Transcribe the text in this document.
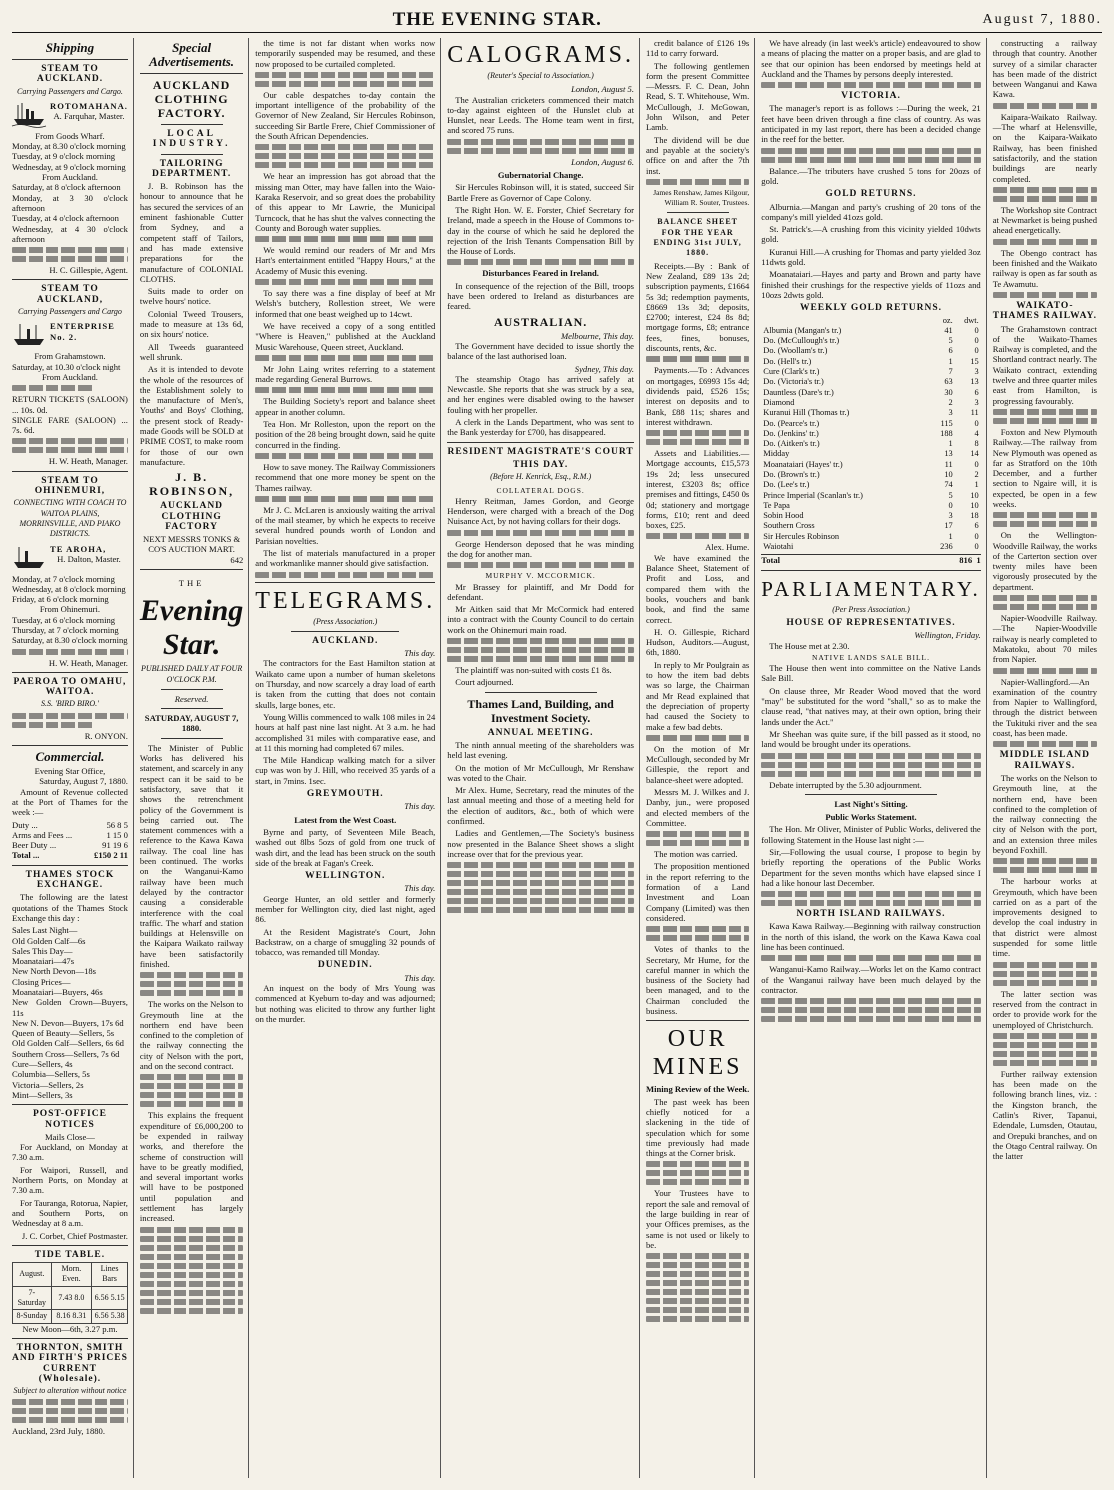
THE EVENING STAR.	August 7, 1880.
Shipping
STEAM TO AUCKLAND.
Carrying Passengers and Cargo.
ROTOMAHANA.
A. Farquhar, Master.
From Goods Wharf.
Monday, at 8.30 o'clock morning
Tuesday, at 9 o'clock morning
Wednesday, at 9 o'clock morning
From Auckland.
Saturday, at 8 o'clock afternoon
Monday, at 3 30 o'clock afternoon
Tuesday, at 4 o'clock afternoon
Wednesday, at 4 30 o'clock afternoon
H. C. Gillespie, Agent.
STEAM TO AUCKLAND,
Carrying Passengers and Cargo
ENTERPRISE No. 2.
From Grahamstown.
Saturday, at 10.30 o'clock night
From Auckland.
RETURN TICKETS (SALOON) ... 10s. 0d.
SINGLE FARE (SALOON) ... 7s. 6d.
H. W. Heath, Manager.
STEAM TO OHINEMURI,
CONNECTING WITH COACH TO WAITOA PLAINS, MORRINSVILLE, AND PIAKO DISTRICTS.
TE AROHA,
H. Dalton, Master.
Monday, at 7 o'clock morning
Wednesday, at 8 o'clock morning
Friday, at 6 o'clock morning
From Ohinemuri.
Tuesday, at 6 o'clock morning
Thursday, at 7 o'clock morning
Saturday, at 8.30 o'clock morning
H. W. Heath, Manager.
PAEROA TO OMAHU, WAITOA.
S.S. 'BIRD BIRO.'
R. ONYON.
Commercial.
Evening Star Office,
Saturday, August 7, 1880.

Amount of Revenue collected at the Port of Thames for the week :—

Duty ...	56 8 5
Arms and Fees ...	1 15 0
Beer Duty ...	91 19 6
Total ...	£150 2 11
THAMES STOCK EXCHANGE.

The following are the latest quotations of the Thames Stock Exchange this day :

Sales Last Night—
Old Golden Calf—6s
Sales This Day—
Moanataiari—47s
New North Devon—18s
Closing Prices—
Moanataiari—Buyers, 46s
New Golden Crown—Buyers, 11s
New N. Devon—Buyers, 17s 6d
Queen of Beauty—Sellers, 5s
Old Golden Calf—Sellers, 6s 6d
Southern Cross—Sellers, 7s 6d
Cure—Sellers, 4s
Columbia—Sellers, 5s
Victoria—Sellers, 2s
Mint—Sellers, 3s
POST-OFFICE NOTICES
Mails Close—

For Auckland, on Monday at 7.30 a.m.

For Waipori, Russell, and Northern Ports, on Monday at 7.30 a.m.

For Tauranga, Rotorua, Napier, and Southern Ports, on Wednesday at 8 a.m.

J. C. Corbet, Chief Postmaster.
TIDE TABLE.
August.	Morn. Even.	Lines Bars
7-Saturday	7.43 8.0	6.56 5.15
8-Sunday	8.16 8.31	6.56 5.38
New Moon—6th, 3.27 p.m.
THORNTON, SMITH AND FIRTH'S PRICES CURRENT (Wholesale).
Subject to alteration without notice
Auckland, 23rd July, 1880.
Special Advertisements.
AUCKLAND CLOTHING FACTORY.
LOCAL INDUSTRY.
TAILORING DEPARTMENT.

J. B. Robinson has the honour to announce that he has secured the services of an eminent fashionable Cutter from Sydney, and a competent staff of Tailors, and has made extensive preparations for the manufacture of COLONIAL CLOTHS.

Suits made to order on twelve hours' notice.

Colonial Tweed Trousers, made to measure at 13s 6d, on six hours' notice.

All Tweeds guaranteed well shrunk.

As it is intended to devote the whole of the resources of the Establishment solely to the manufacture of Men's, Youths' and Boys' Clothing, the present stock of Ready-made Goods will be SOLD at PRIME COST, to make room for those of our own manufacture.

J. B. ROBINSON,
AUCKLAND CLOTHING FACTORY
NEXT MESSRS TONKS & CO'S AUCTION MART.
642
THE
Evening Star.
PUBLISHED DAILY AT FOUR O'CLOCK P.M.
Reserved.
SATURDAY, AUGUST 7, 1880.

The Minister of Public Works has delivered his statement, and scarcely in any respect can it be said to be satisfactory, save that it shows the retrenchment policy of the Government is being carried out. The statement commences with a reference to the Kawa Kawa railway. The coal line has been continued. The works on the Wanganui-Kamo railway have been much delayed by the contractor causing a considerable interference with the coal traffic. The wharf and station buildings at Helensville on the Kaipara Waikato railway have been satisfactorily finished.

The works on the Nelson to Greymouth line at the northern end have been confined to the completion of the railway connecting the city of Nelson with the port, and on the second contract.

This explains the frequent expenditure of £6,000,200 to be expended in railway works, and therefore the scheme of construction will have to be greatly modified, and several important works will have to be postponed until population and settlement has largely increased.

the time is not far distant when works now temporarily suspended may be resumed, and these now proposed to be curtailed completed.

Our cable despatches to-day contain the important intelligence of the probability of the Governor of New Zealand, Sir Hercules Robinson, succeeding Sir Bartle Frere, Chief Commissioner of the South African Dependencies.

We hear an impression has got abroad that the missing man Otter, may have fallen into the Waio-Karaka Reservoir, and so great does the probability of this appear to Mr Lawrie, the Municipal Turncock, that he has shut the valves connecting the County and Borough water supplies.

We would remind our readers of Mr and Mrs Hart's entertainment entitled "Happy Hours," at the Academy of Music this evening.

To say there was a fine display of beef at Mr Welsh's butchery, Rollestion street, We were informed that one beast weighed up to 14cwt.

We have received a copy of a song entitled "Where is Heaven," published at the Auckland Music Warehouse, Queen street, Auckland.

Mr John Laing writes referring to a statement made regarding General Burrows.

The Building Society's report and balance sheet appear in another column.

Tea Hon. Mr Rolleston, upon the report on the position of the 28 being brought down, said he quite concurred in the finding.

How to save money. The Railway Commissioners recommend that one more money be spent on the Thames railway.

Mr J. C. McLaren is anxiously waiting the arrival of the mail steamer, by which he expects to receive several hundred pounds worth of London and Parisian novelties.

The list of materials manufactured in a proper and workmanlike manner should give satisfaction.

TELEGRAMS.
(Press Association.)
AUCKLAND.
This day.

The contractors for the East Hamilton station at Waikato came upon a number of human skeletons on Thursday, and now scarcely a dray load of earth is taken from the cutting that does not contain skulls, large bones, etc.

Young Willis commenced to walk 108 miles in 24 hours at half past nine last night. At 3 a.m. he had accomplished 31 miles with comparative ease, and at 11 this morning had completed 67 miles.

The Mile Handicap walking match for a silver cup was won by J. Hill, who received 35 yards of a start, in 7mins. 1sec.

GREYMOUTH.
This day.
Latest from the West Coast.

Byrne and party, of Seventeen Mile Beach, washed out 8lbs 5ozs of gold from one truck of wash dirt, and the lead has been struck on the south side of the break at Fagan's Creek.

WELLINGTON.
This day.

George Hunter, an old settler and formerly member for Wellington city, died last night, aged 86.

At the Resident Magistrate's Court, John Backstraw, on a charge of smuggling 32 pounds of tobacco, was remanded till Monday.

DUNEDIN.
This day.

An inquest on the body of Mrs Young was commenced at Kyeburn to-day and was adjourned; but nothing was elicited to throw any further light on the murder.

CALOGRAMS.
(Reuter's Special to Association.)
London, August 5.

The Australian cricketers commenced their match to-day against eighteen of the Hunslet club at Hunslet, near Leeds. The Home team went in first, and scored 75 runs.

London, August 6.
Gubernatorial Change.

Sir Hercules Robinson will, it is stated, succeed Sir Bartle Frere as Governor of Cape Colony.

The Right Hon. W. E. Forster, Chief Secretary for Ireland, made a speech in the House of Commons to-day in the course of which he said he deplored the rejection of the Irish Tenants Compensation Bill by the House of Lords.

Disturbances Feared in Ireland.

In consequence of the rejection of the Bill, troops have been ordered to Ireland as disturbances are feared.

AUSTRALIAN.
Melbourne, This day.

The Government have decided to issue shortly the balance of the last authorised loan.

Sydney, This day.

The steamship Otago has arrived safely at Newcastle. She reports that she was struck by a sea, and her engines were disabled owing to the hawser fouling with her propeller.

A clerk in the Lands Department, who was sent to the Bank yesterday for £700, has disappeared.

RESIDENT MAGISTRATE'S COURT
THIS DAY.
(Before H. Kenrick, Esq., R.M.)
COLLATERAL DOGS.

Henry Reitman, James Gordon, and George Henderson, were charged with a breach of the Dog Nuisance Act, by not having collars for their dogs.

George Henderson deposed that he was minding the dog for another man.

MURPHY V. MCCORMICK.

Mr Brassey for plaintiff, and Mr Dodd for defendant.

Mr Aitken said that Mr McCormick had entered into a contract with the County Council to do certain work on the Ohinemuri main road.

The plaintiff was non-suited with costs £1 8s.

Court adjourned.

Thames Land, Building, and Investment Society.
ANNUAL MEETING.

The ninth annual meeting of the shareholders was held last evening.

On the motion of Mr McCullough, Mr Renshaw was voted to the Chair.

Mr Alex. Hume, Secretary, read the minutes of the last annual meeting and those of a meeting held for the election of auditors, &c., both of which were confirmed.

Ladies and Gentlemen,—The Society's business now presented in the Balance Sheet shows a slight increase over that for the previous year.

credit balance of £126 19s 11d to carry forward.

The following gentlemen form the present Committee—Messrs. F. C. Dean, John Read, S. T. Whitehouse, Wm. McCullough, J. McGowan, John Wilson, and Peter Lamb.

The dividend will be due and payable at the society's office on and after the 7th inst.

James Renshaw, James Kilgour, William R. Souter, Trustees.
BALANCE SHEET FOR THE YEAR ENDING 31st JULY, 1880.

Receipts.—By : Bank of New Zealand, £89 13s 2d; subscription payments, £1664 5s 3d; redemption payments, £8669 13s 3d; deposits, £2700; interest, £24 8s 8d; mortgage forms, £8; entrance fees, fines, bonuses, discounts, rents, &c.

Payments.—To : Advances on mortgages, £6993 15s 4d; dividends paid, £526 15s; interest on deposits and to Bank, £88 11s; shares and interest withdrawn.

Assets and Liabilities.—Mortgage accounts, £15,573 19s 2d; less unsecured interest, £3203 8s; office premises and fittings, £450 0s 0d; stationery and mortgage forms, £10; rent and deed boxes, £25.

Alex. Hume.

We have examined the Balance Sheet, Statement of Profit and Loss, and compared them with the books, vouchers and bank book, and find the same correct.

H. O. Gillespie, Richard Hudson, Auditors.—August, 6th, 1880.

In reply to Mr Poulgrain as to how the item bad debts was so large, the Chairman and Mr Read explained that the depreciation of property had caused the Society to make a few bad debts.

On the motion of Mr McCullough, seconded by Mr Gillespie, the report and balance-sheet were adopted.

Messrs M. J. Wilkes and J. Danby, jun., were proposed and elected members of the Committee.

The motion was carried.

The proposition mentioned in the report referring to the formation of a Land Investment and Loan Company (Limited) was then considered.

Votes of thanks to the Secretary, Mr Hume, for the careful manner in which the business of the Society had been managed, and to the Chairman concluded the business.

OUR MINES
Mining Review of the Week.

The past week has been chiefly noticed for a slackening in the tide of speculation which for some time previously had made things at the Corner brisk.

Your Trustees have to report the sale and removal of the large building in rear of your Offices premises, as the same is not used or likely to be.

We have already (in last week's article) endeavoured to show a means of placing the matter on a proper basis, and are glad to see that our opinion has been endorsed by meetings held at Auckland and the Thames by persons deeply interested.

VICTORIA.

The manager's report is as follows :—During the week, 21 feet have been driven through a fine class of country. As was anticipated in my last report, there has been a decided change in the reef for the better.

Balance.—The tributers have crushed 5 tons for 20ozs of gold.

GOLD RETURNS.

Alburnia.—Mangan and party's crushing of 20 tons of the company's mill yielded 41ozs gold.

St. Patrick's.—A crushing from this vicinity yielded 10dwts gold.

Kuranui Hill.—A crushing for Thomas and party yielded 3oz 11dwts gold.

Moanataiari.—Hayes and party and Brown and party have finished their crushings for the respective yields of 11ozs and 10ozs 2dwts gold.

WEEKLY GOLD RETURNS.
	oz.	dwt.
Albumia (Mangan's tr.)	41	0
Do. (McCullough's tr.)	5	0
Do. (Woollam's tr.)	6	0
Do. (Hell's tr.)	1	15
Cure (Clark's tr.)	7	3
Do. (Victoria's tr.)	63	13
Dauntless (Dare's tr.)	30	6
Diamond	2	3
Kuranui Hill (Thomas tr.)	3	11
Do. (Pearce's tr.)	115	0
Do. (Jenkins' tr.)	188	4
Do. (Aitken's tr.)	1	8
Midday	13	14
Moanataiari (Hayes' tr.)	11	0
Do. (Brown's tr.)	10	2
Do. (Lee's tr.)	74	1
Prince Imperial (Scanlan's tr.)	5	10
Te Papa	0	10
Sobin Hood	3	18
Southern Cross	17	6
Sir Hercules Robinson	1	0
Waiotahi	236	0
Total	816 1
PARLIAMENTARY.
(Per Press Association.)
HOUSE OF REPRESENTATIVES.
Wellington, Friday.

The House met at 2.30.

NATIVE LANDS SALE BILL.

The House then went into committee on the Native Lands Sale Bill.

On clause three, Mr Reader Wood moved that the word "may" be substituted for the word "shall," so as to make the clause read, "that natives may, at their own option, bring their lands under the Act."

Mr Sheehan was quite sure, if the bill passed as it stood, no land would be brought under its operations.

Debate interrupted by the 5.30 adjournment.

Last Night's Sitting.
Public Works Statement.

The Hon. Mr Oliver, Minister of Public Works, delivered the following Statement in the House last night :—

Sir,—Following the usual course, I propose to begin by briefly reporting the operations of the Public Works Department for the seven months which have elapsed since I had a like honour last December.

NORTH ISLAND RAILWAYS.

Kawa Kawa Railway.—Beginning with railway construction in the north of this island, the work on the Kawa Kawa coal line has been continued.

Wanganui-Kamo Railway.—Works let on the Kamo contract of the Wanganui railway have been much delayed by the contractor.

constructing a railway through that country. Another survey of a similar character has been made of the district between Wanganui and Kawa Kawa.

Kaipara-Waikato Railway.—The wharf at Helensville, on the Kaipara-Waikato Railway, has been finished satisfactorily, and the station buildings are nearly completed.

The Workshop site Contract at Newmarket is being pushed ahead energetically.

The Obengo contract has been finished and the Waikato railway is open as far south as Te Awamutu.

WAIKATO-THAMES RAILWAY.

The Grahamstown contract of the Waikato-Thames Railway is completed, and the Shortland contract nearly. The Waikato contract, extending twelve and three quarter miles east from Hamilton, is progressing favourably.

Foxton and New Plymouth Railway.—The railway from New Plymouth was opened as far as Stratford on the 10th December, and a further section to Ngaire will, it is expected, be open in a few weeks.

On the Wellington-Woodville Railway, the works of the Carterton section over twenty miles have been vigorously prosecuted by the department.

Napier-Woodville Railway.—The Napier-Woodville railway is nearly completed to Makatoku, about 70 miles from Napier.

Napier-Wallingford.—An examination of the country from Napier to Wallingford, through the district between the Tukituki river and the sea coast, has been made.

MIDDLE ISLAND RAILWAYS.

The works on the Nelson to Greymouth line, at the northern end, have been confined to the completion of the railway connecting the city of Nelson with the port, and an extension three miles beyond Foxhill.

The harbour works at Greymouth, which have been carried on as a part of the improvements designed to develop the coal industry in that district were almost suspended for some little time.

The latter section was reserved from the contract in order to provide work for the unemployed of Christchurch.

Further railway extension has been made on the following branch lines, viz. : the Kingston branch, the Catlin's River, Tapanui, Edendale, Lumsden, Otautau, and Orepuki branches, and on the Otago Central railway. On the latter
